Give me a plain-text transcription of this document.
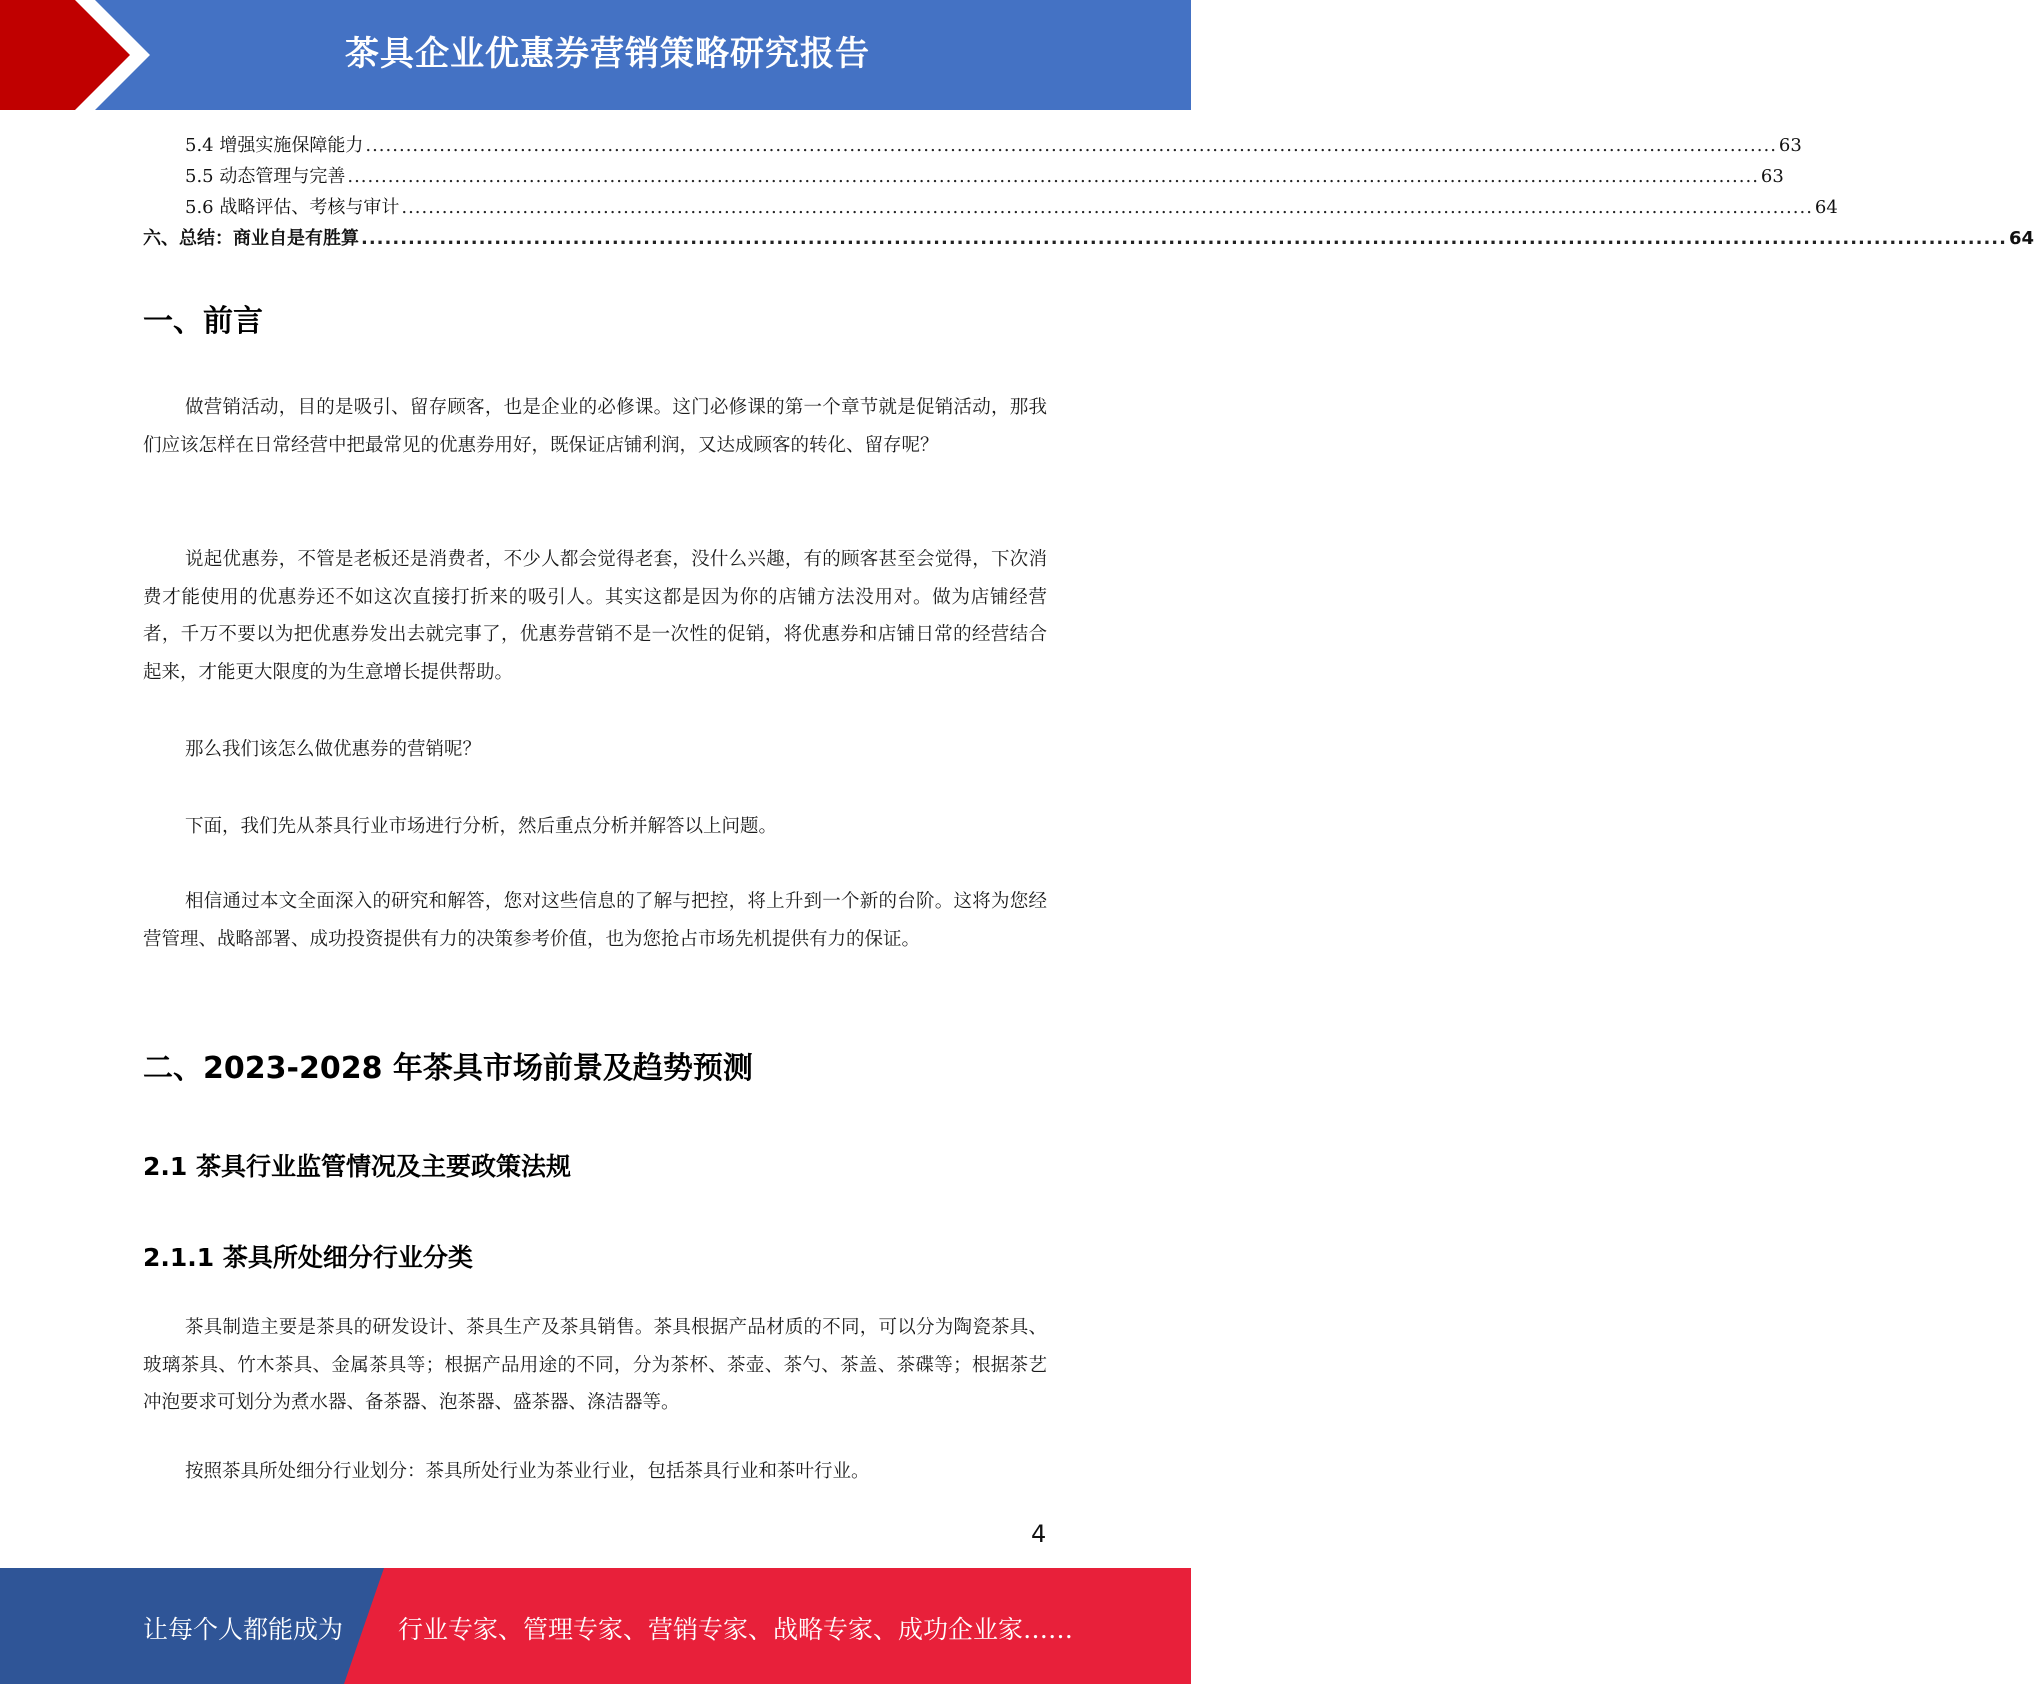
茶具企业优惠券营销策略研究报告
5.4 增强实施保障能力 .................................................................................................................................................................................................................. 63
5.5 动态管理与完善 .................................................................................................................................................................................................................. 63
5.6 战略评估、考核与审计 .................................................................................................................................................................................................................. 64
六、总结：商业自是有胜算 .................................................................................................................................................................................................................. 64
一、前言
做营销活动，目的是吸引、留存顾客，也是企业的必修课。这门必修课的第一个章节就是促销活动，那我们应该怎样在日常经营中把最常见的优惠券用好，既保证店铺利润，又达成顾客的转化、留存呢？
说起优惠券，不管是老板还是消费者，不少人都会觉得老套，没什么兴趣，有的顾客甚至会觉得，下次消费才能使用的优惠券还不如这次直接打折来的吸引人。其实这都是因为你的店铺方法没用对。做为店铺经营者，千万不要以为把优惠券发出去就完事了，优惠券营销不是一次性的促销，将优惠券和店铺日常的经营结合起来，才能更大限度的为生意增长提供帮助。
那么我们该怎么做优惠券的营销呢？
下面，我们先从茶具行业市场进行分析，然后重点分析并解答以上问题。
相信通过本文全面深入的研究和解答，您对这些信息的了解与把控，将上升到一个新的台阶。这将为您经营管理、战略部署、成功投资提供有力的决策参考价值，也为您抢占市场先机提供有力的保证。
二、2023-2028 年茶具市场前景及趋势预测
2.1 茶具行业监管情况及主要政策法规
2.1.1 茶具所处细分行业分类
茶具制造主要是茶具的研发设计、茶具生产及茶具销售。茶具根据产品材质的不同，可以分为陶瓷茶具、玻璃茶具、竹木茶具、金属茶具等；根据产品用途的不同，分为茶杯、茶壶、茶勺、茶盖、茶碟等；根据茶艺冲泡要求可划分为煮水器、备茶器、泡茶器、盛茶器、涤洁器等。
按照茶具所处细分行业划分：茶具所处行业为茶业行业，包括茶具行业和茶叶行业。
4
让每个人都能成为 行业专家、管理专家、营销专家、战略专家、成功企业家……
